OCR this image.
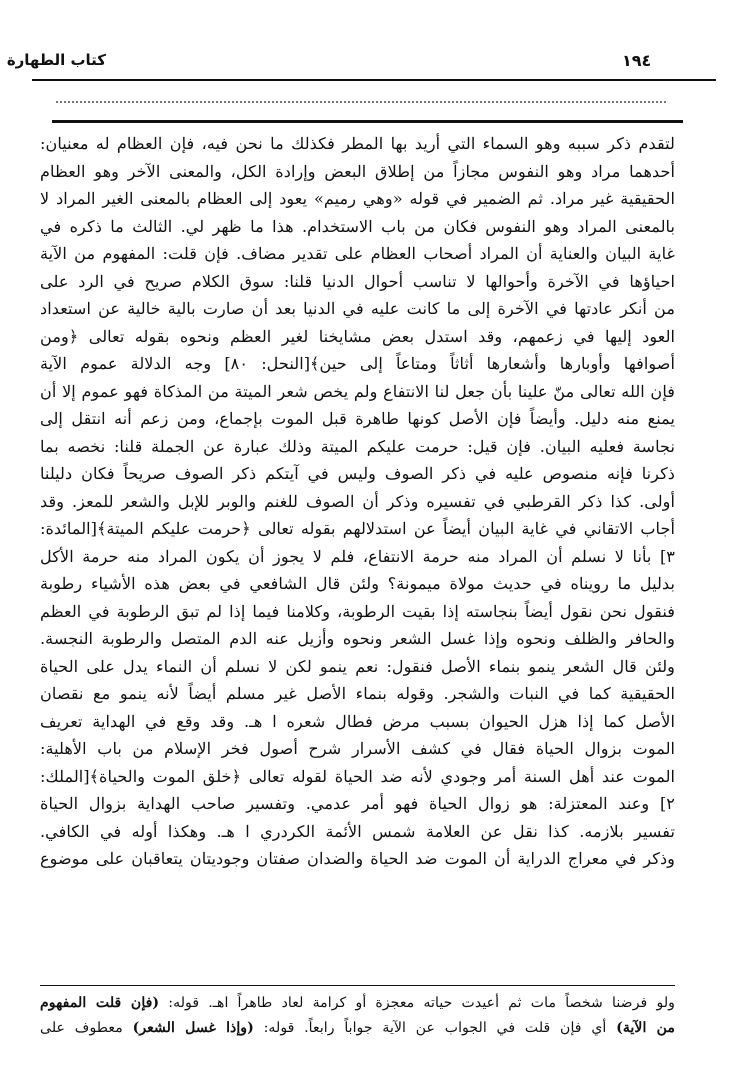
كتاب الطهارة	١٩٤
لتقدم ذكر سببه وهو السماء التي أريد بها المطر فكذلك ما نحن فيه، فإن العظام له معنيان:
أحدهما مراد وهو النفوس مجازاً من إطلاق البعض وإرادة الكل، والمعنى الآخر وهو العظام
الحقيقية غير مراد. ثم الضمير في قوله «وهي رميم» يعود إلى العظام بالمعنى الغير المراد لا
بالمعنى المراد وهو النفوس فكان من باب الاستخدام. هذا ما ظهر لي. الثالث ما ذكره في
غاية البيان والعناية أن المراد أصحاب العظام على تقدير مضاف. فإن قلت: المفهوم من الآية
احياؤها في الآخرة وأحوالها لا تناسب أحوال الدنيا قلنا: سوق الكلام صريح في الرد على
من أنكر عادتها في الآخرة إلى ما كانت عليه في الدنيا بعد أن صارت بالية خالية عن استعداد
العود إليها في زعمهم، وقد استدل بعض مشايخنا لغير العظم ونحوه بقوله تعالى ﴿ومن
أصوافها وأوبارها وأشعارها أثاثاً ومتاعاً إلى حين﴾[النحل: ٨٠] وجه الدلالة عموم الآية
فإن الله تعالى منّ علينا بأن جعل لنا الانتفاع ولم يخص شعر الميتة من المذكاة فهو عموم إلا أن
يمنع منه دليل. وأيضاً فإن الأصل كونها طاهرة قبل الموت بإجماع، ومن زعم أنه انتقل إلى
نجاسة فعليه البيان. فإن قيل: حرمت عليكم الميتة وذلك عبارة عن الجملة قلنا: نخصه بما
ذكرنا فإنه منصوص عليه في ذكر الصوف وليس في آيتكم ذكر الصوف صريحاً فكان دليلنا
أولى. كذا ذكر القرطبي في تفسيره وذكر أن الصوف للغنم والوبر للإبل والشعر للمعز. وقد
أجاب الاتقاني في غاية البيان أيضاً عن استدلالهم بقوله تعالى ﴿حرمت عليكم الميتة﴾[المائدة:
٣] بأنا لا نسلم أن المراد منه حرمة الانتفاع، فلم لا يجوز أن يكون المراد منه حرمة الأكل
بدليل ما رويناه في حديث مولاة ميمونة؟ ولئن قال الشافعي في بعض هذه الأشياء رطوبة
فنقول نحن نقول أيضاً بنجاسته إذا بقيت الرطوبة، وكلامنا فيما إذا لم تبق الرطوبة في العظم
والحافر والظلف ونحوه وإذا غسل الشعر ونحوه وأزيل عنه الدم المتصل والرطوبة النجسة.
ولئن قال الشعر ينمو بنماء الأصل فنقول: نعم ينمو لكن لا نسلم أن النماء يدل على الحياة
الحقيقية كما في النبات والشجر. وقوله بنماء الأصل غير مسلم أيضاً لأنه ينمو مع نقصان
الأصل كما إذا هزل الحيوان بسبب مرض فطال شعره ا هـ. وقد وقع في الهداية تعريف
الموت بزوال الحياة فقال في كشف الأسرار شرح أصول فخر الإسلام من باب الأهلية:
الموت عند أهل السنة أمر وجودي لأنه ضد الحياة لقوله تعالى ﴿خلق الموت والحياة﴾[الملك:
٢] وعند المعتزلة: هو زوال الحياة فهو أمر عدمي. وتفسير صاحب الهداية بزوال الحياة
تفسير بلازمه. كذا نقل عن العلامة شمس الأئمة الكردري ا هـ. وهكذا أوله في الكافي.
وذكر في معراج الدراية أن الموت ضد الحياة والضدان صفتان وجوديتان يتعاقبان على موضوع
ولو فرضنا شخصاً مات ثم أعيدت حياته معجزة أو كرامة لعاد طاهراً اهـ. قوله: (فإن قلت المفهوم
من الآية) أي فإن قلت في الجواب عن الآية جواباً رابعاً. قوله: (وإذا غسل الشعر) معطوف على
